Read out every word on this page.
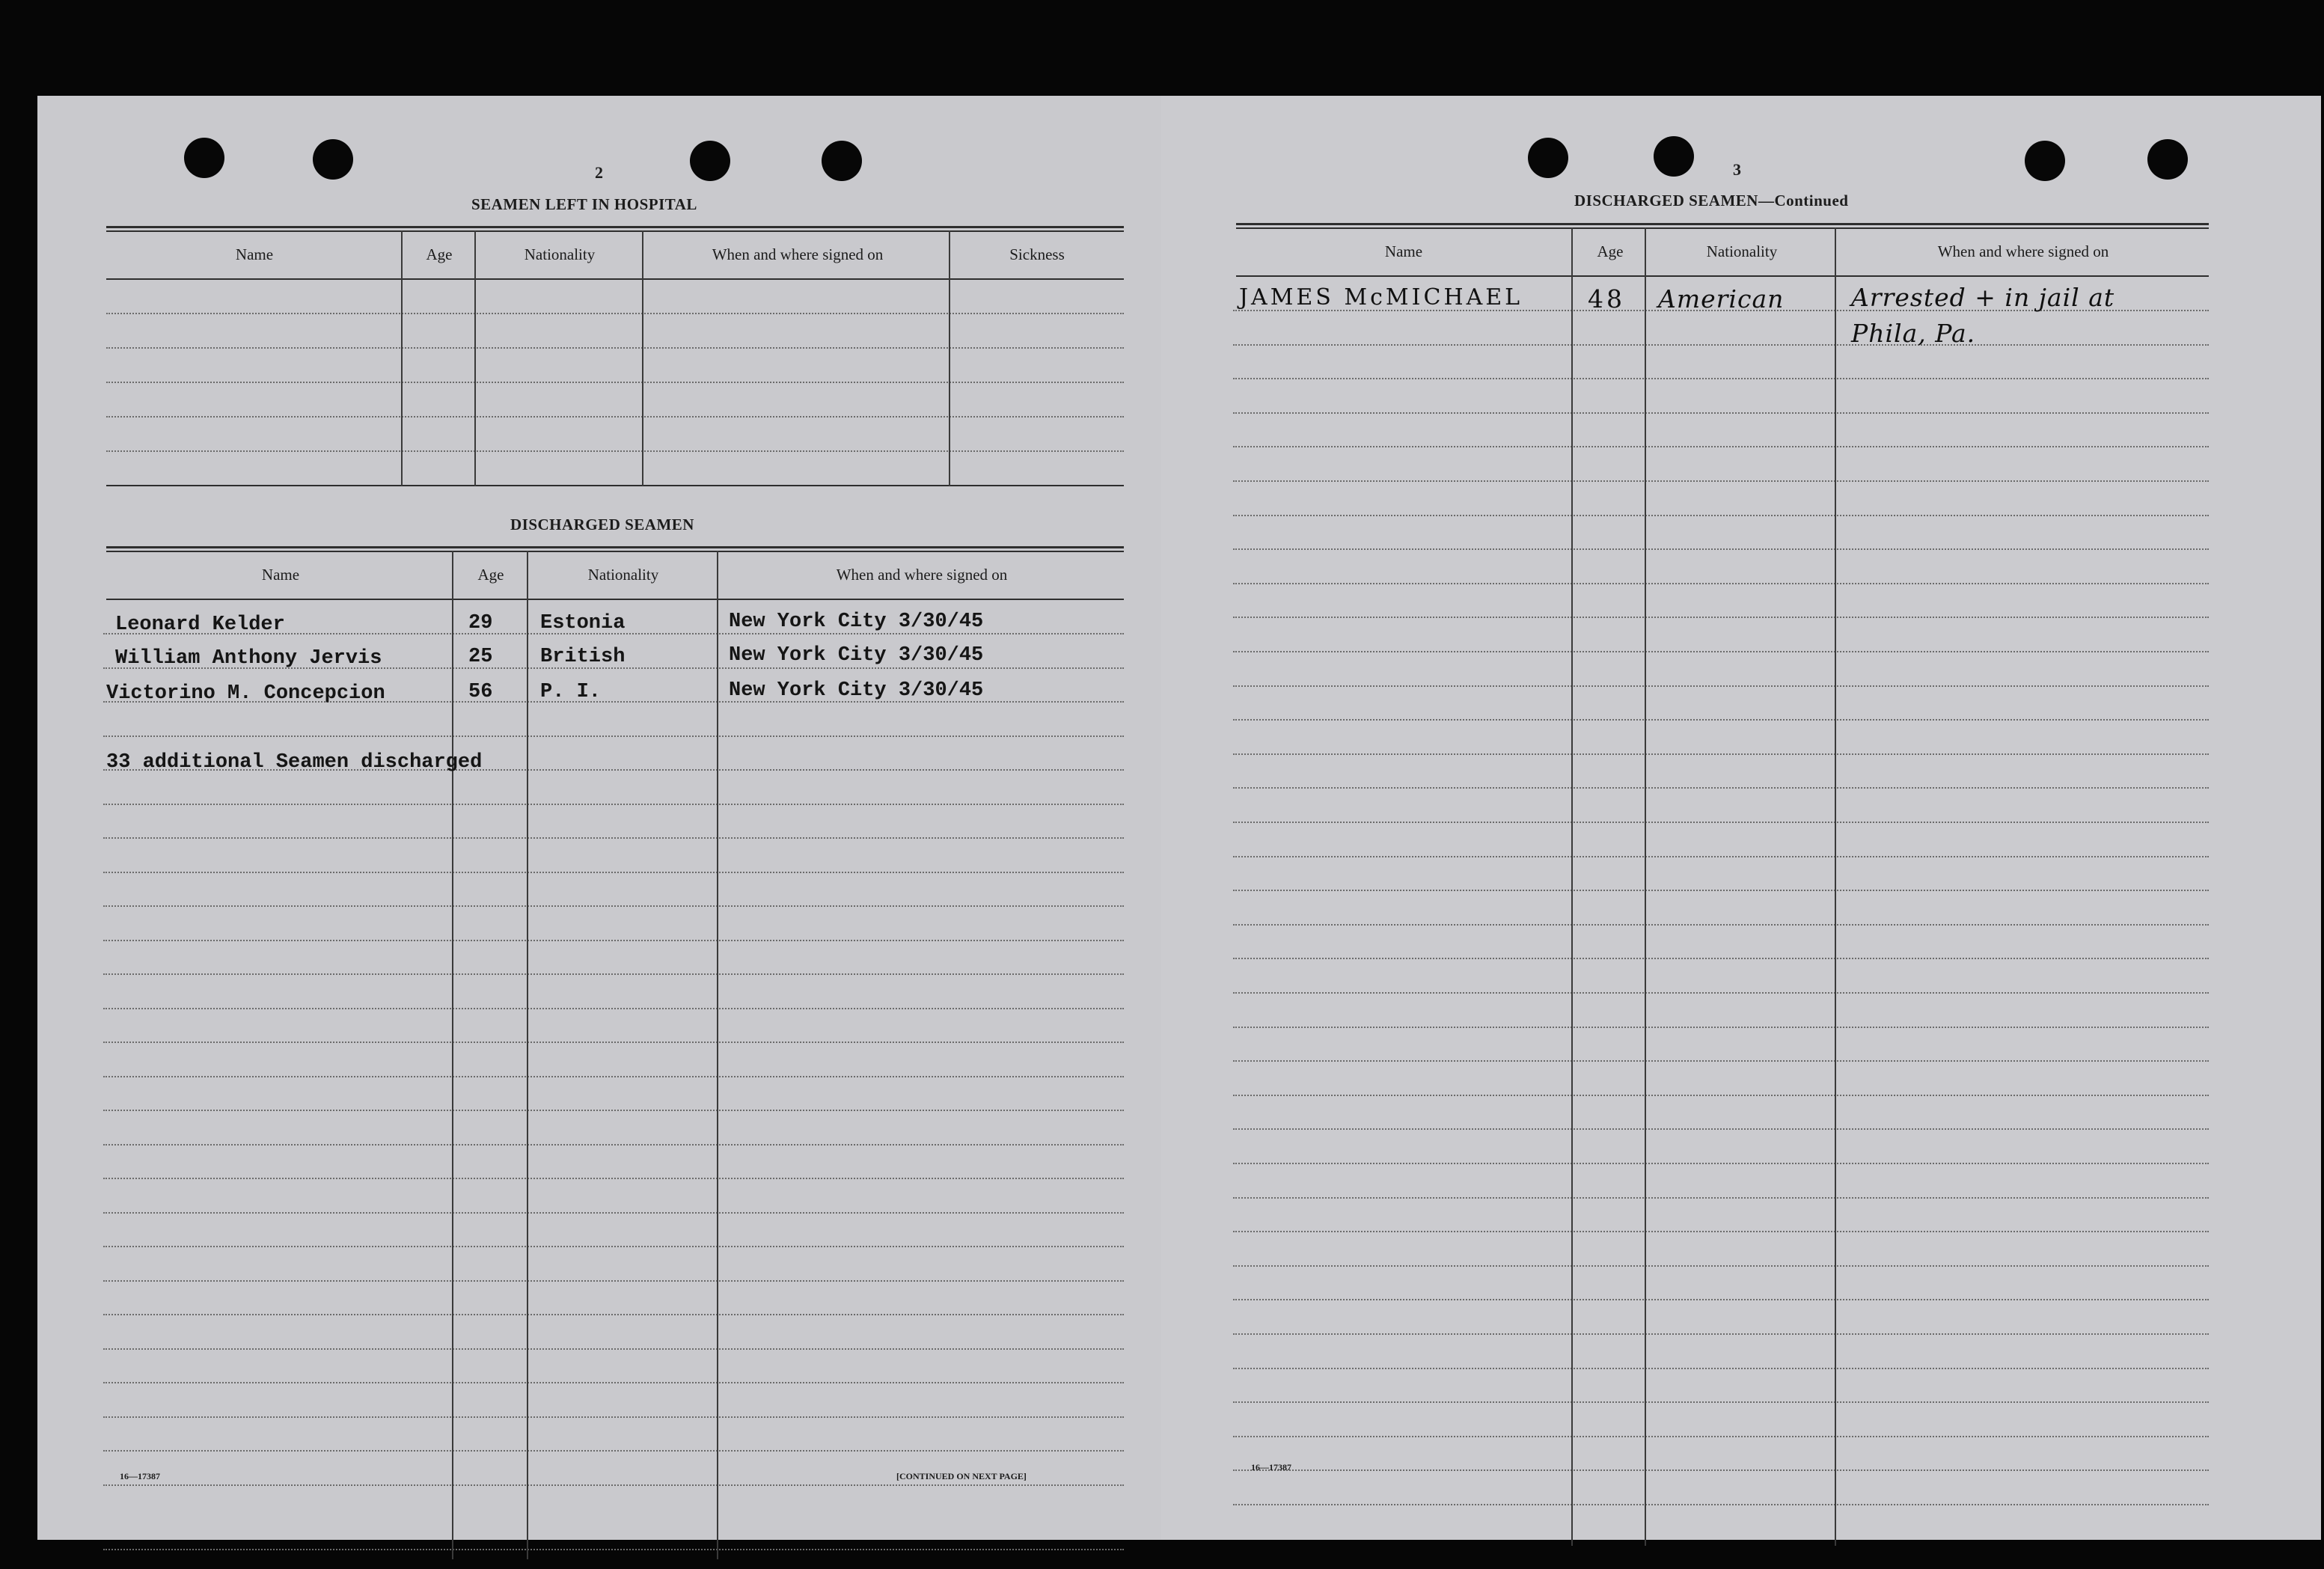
2
SEAMEN LEFT IN HOSPITAL
Name	Age	Nationality	When and where signed on	Sickness
DISCHARGED SEAMEN
Name	Age	Nationality	When and where signed on
Leonard Kelder	29 Estonia	New York City 3/30/45
William Anthony Jervis	25 British	New York City 3/30/45
Victorino M. Concepcion	56 P. I.	New York City 3/30/45
33 additional Seamen discharged
16—17387	[CONTINUED ON NEXT PAGE]
3
DISCHARGED SEAMEN—Continued
Name	Age	Nationality	When and where signed on
JAMES McMICHAEL	48 American	Arrested + in jail at
Phila, Pa.
16—17387
